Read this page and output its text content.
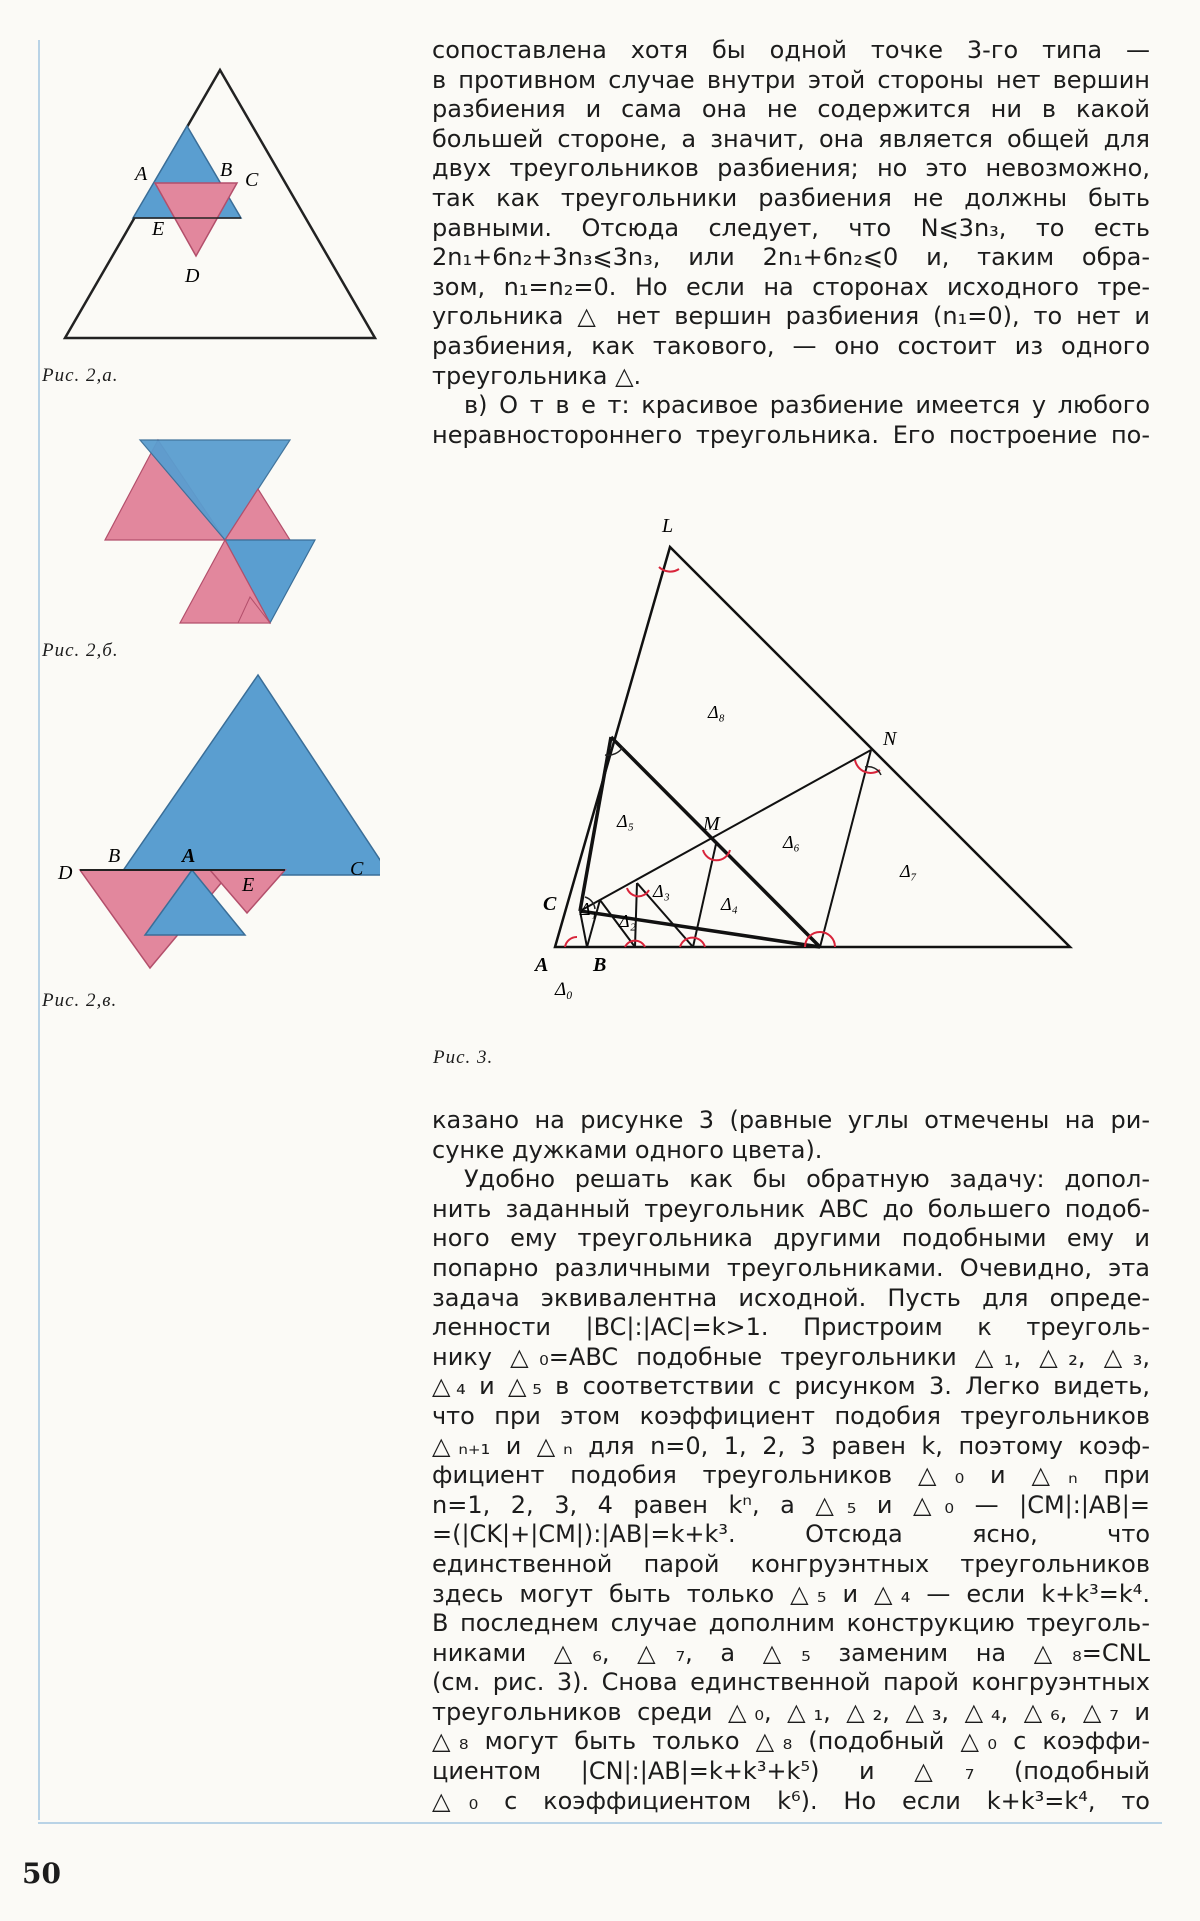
A	B C
E
D
Рис. 2,а.
Рис. 2,б.
D
B	A
E
C
Рис. 2,в.
сопоставлена хотя бы одной точке 3-го типа —
в противном случае внутри этой стороны нет вершин
разбиения и сама она не содержится ни в какой
большей стороне, а значит, она является общей для
двух треугольников разбиения; но это невозможно,
так как треугольники разбиения не должны быть
равными. Отсюда следует, что N⩽3n₃, то есть
2n₁+6n₂+3n₃⩽3n₃, или 2n₁+6n₂⩽0 и, таким обра-
зом, n₁=n₂=0. Но если на сторонах исходного тре-
угольника △ нет вершин разбиения (n₁=0), то нет и
разбиения, как такового, — оно состоит из одного
треугольника △.
в) О т в е т: красивое разбиение имеется у любого
неравностороннего треугольника. Его построение по-
L
N
M
C
A B
Δ₀
Δ₁
Δ₂
Δ₃
Δ₄
Δ₅
Δ₆
Δ₇
Δ₈
Рис. 3.
казано на рисунке 3 (равные углы отмечены на ри-
сунке дужками одного цвета).
Удобно решать как бы обратную задачу: допол-
нить заданный треугольник ABC до большего подоб-
ного ему треугольника другими подобными ему и
попарно различными треугольниками. Очевидно, эта
задача эквивалентна исходной. Пусть для опреде-
ленности |BC|:|AC|=k>1. Пристроим к треуголь-
нику △₀=ABC подобные треугольники △₁, △₂, △₃,
△₄ и △₅ в соответствии с рисунком 3. Легко видеть,
что при этом коэффициент подобия треугольников
△ₙ₊₁ и △ₙ для n=0, 1, 2, 3 равен k, поэтому коэф-
фициент подобия треугольников △₀ и △ₙ при
n=1, 2, 3, 4 равен kⁿ, а △₅ и △₀ — |CM|:|AB|=
=(|CK|+|CM|):|AB|=k+k³. Отсюда ясно, что
единственной парой конгруэнтных треугольников
здесь могут быть только △₅ и △₄ — если k+k³=k⁴.
В последнем случае дополним конструкцию треуголь-
никами △₆, △₇, а △₅ заменим на △₈=CNL
(см. рис. 3). Снова единственной парой конгруэнтных
треугольников среди △₀, △₁, △₂, △₃, △₄, △₆, △₇ и
△₈ могут быть только △₈ (подобный △₀ с коэффи-
циентом |CN|:|AB|=k+k³+k⁵) и △₇ (подобный
△₀ с коэффициентом k⁶). Но если k+k³=k⁴, то
50
